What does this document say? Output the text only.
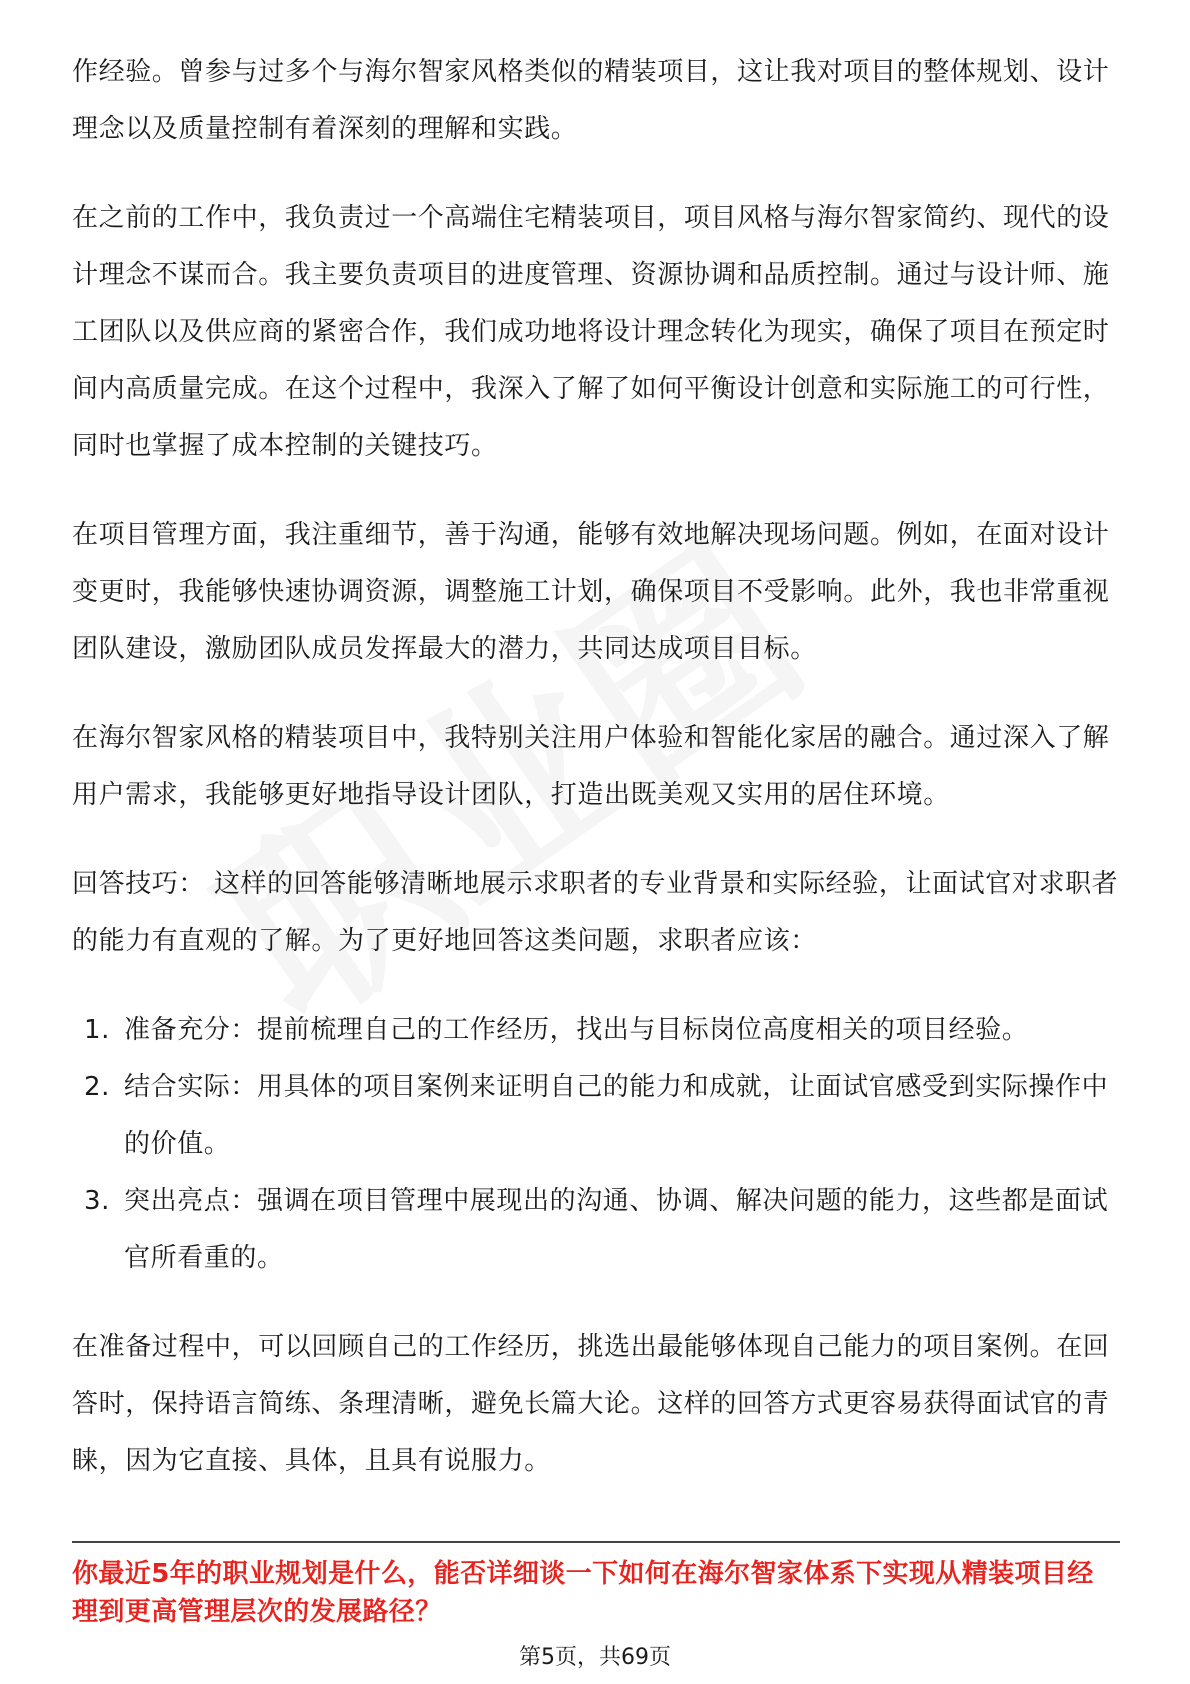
作经验。曾参与过多个与海尔智家风格类似的精装项目，这让我对项目的整体规划、设计理念以及质量控制有着深刻的理解和实践。

在之前的工作中，我负责过一个高端住宅精装项目，项目风格与海尔智家简约、现代的设计理念不谋而合。我主要负责项目的进度管理、资源协调和品质控制。通过与设计师、施工团队以及供应商的紧密合作，我们成功地将设计理念转化为现实，确保了项目在预定时间内高质量完成。在这个过程中，我深入了解了如何平衡设计创意和实际施工的可行性，同时也掌握了成本控制的关键技巧。

在项目管理方面，我注重细节，善于沟通，能够有效地解决现场问题。例如，在面对设计变更时，我能够快速协调资源，调整施工计划，确保项目不受影响。此外，我也非常重视团队建设，激励团队成员发挥最大的潜力，共同达成项目目标。

在海尔智家风格的精装项目中，我特别关注用户体验和智能化家居的融合。通过深入了解用户需求，我能够更好地指导设计团队，打造出既美观又实用的居住环境。

回答技巧： 这样的回答能够清晰地展示求职者的专业背景和实际经验，让面试官对求职者的能力有直观的了解。为了更好地回答这类问题，求职者应该：

1. 准备充分：提前梳理自己的工作经历，找出与目标岗位高度相关的项目经验。
2. 结合实际：用具体的项目案例来证明自己的能力和成就，让面试官感受到实际操作中的价值。
3. 突出亮点：强调在项目管理中展现出的沟通、协调、解决问题的能力，这些都是面试官所看重的。

在准备过程中，可以回顾自己的工作经历，挑选出最能够体现自己能力的项目案例。在回答时，保持语言简练、条理清晰，避免长篇大论。这样的回答方式更容易获得面试官的青睐，因为它直接、具体，且具有说服力。

你最近5年的职业规划是什么，能否详细谈一下如何在海尔智家体系下实现从精装项目经理到更高管理层次的发展路径？

第5页，共69页
